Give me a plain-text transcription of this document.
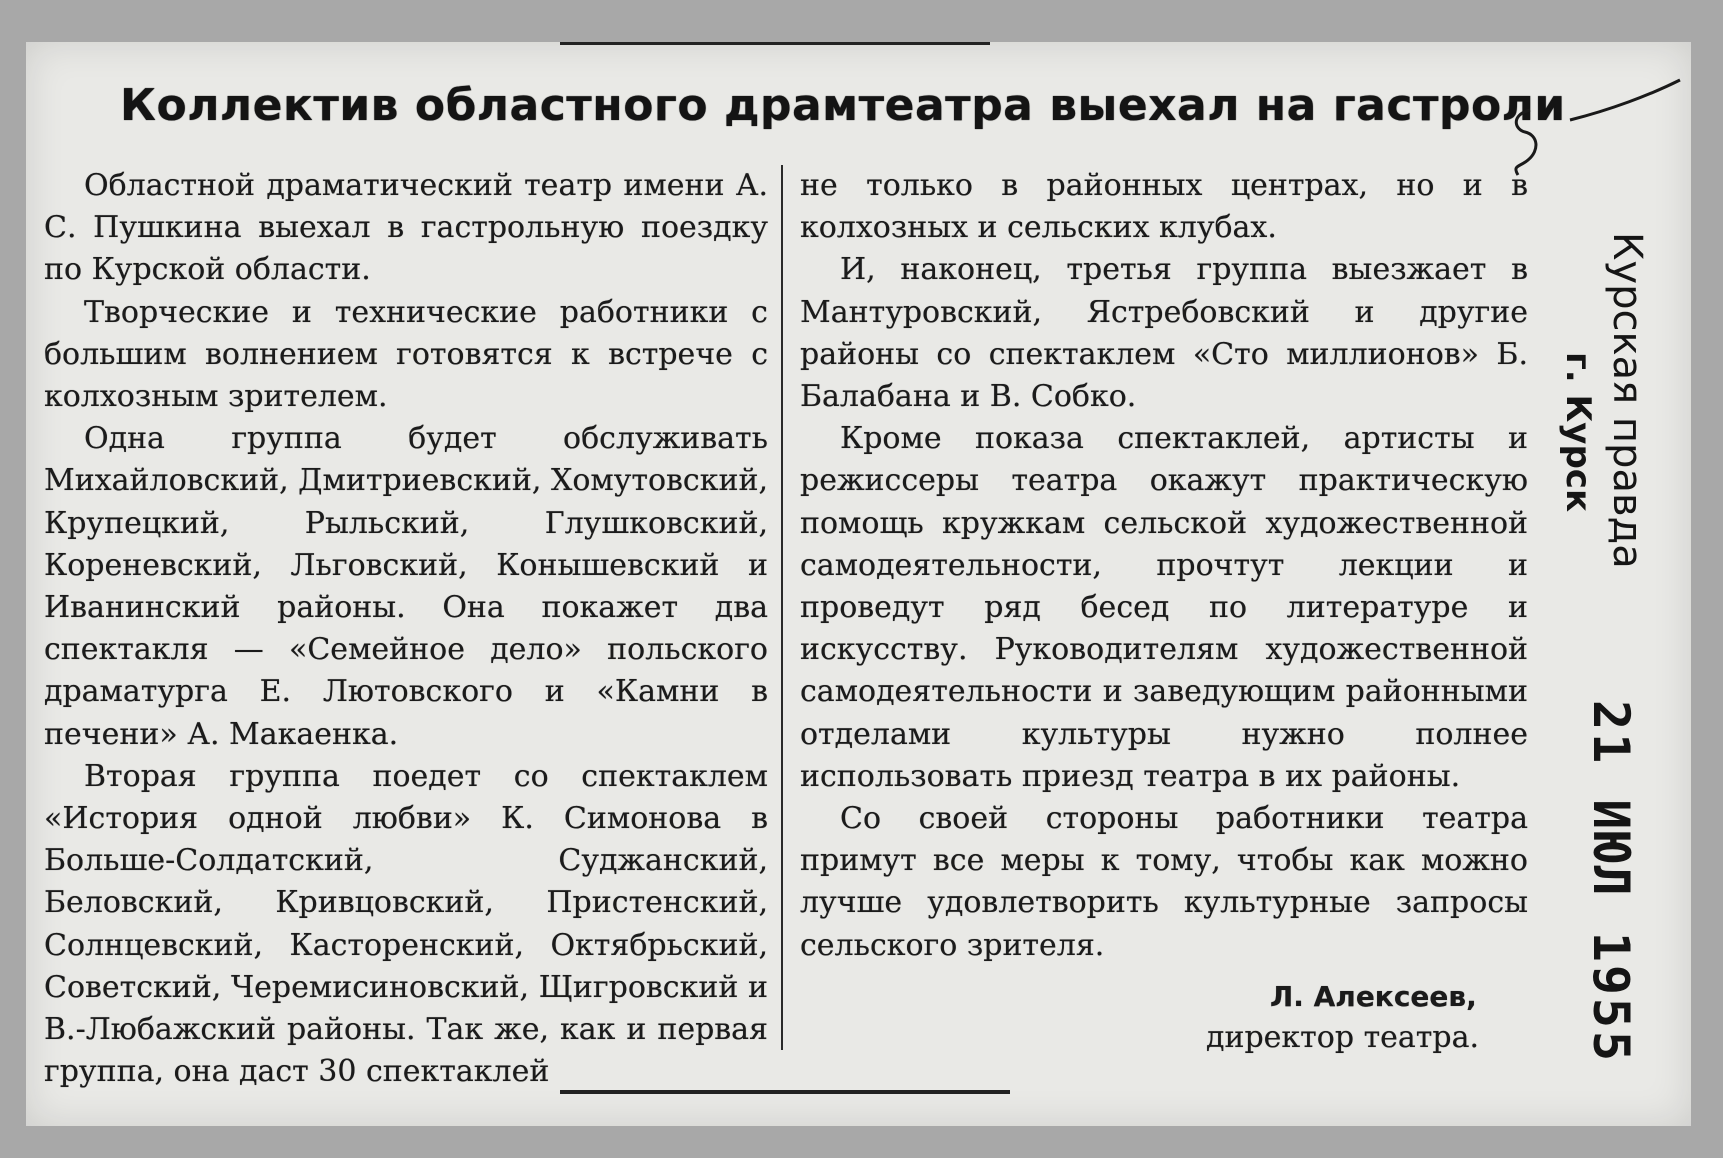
Коллектив областного драмтеатра выехал на гастроли

Областной драматический театр имени А. С. Пушкина выехал в гастрольную поездку по Курской области.

Творческие и технические работники с большим волнением готовятся к встрече с колхозным зрителем.

Одна группа будет обслуживать Михайловский, Дмитриевский, Хомутовский, Крупецкий, Рыльский, Глушковский, Кореневский, Льговский, Конышевский и Иванинский районы. Она покажет два спектакля — «Семейное дело» польского драматурга Е. Лютовского и «Камни в печени» А. Макаенка.

Вторая группа поедет со спектаклем «История одной любви» К. Симонова в Больше-Солдатский, Суджанский, Беловский, Кривцовский, Пристенский, Солнцевский, Касторенский, Октябрьский, Советский, Черемисиновский, Щигровский и В.-Любажский районы. Так же, как и первая группа, она даст 30 спектаклей

не только в районных центрах, но и в колхозных и сельских клубах.

И, наконец, третья группа выезжает в Мантуровский, Ястребовский и другие районы со спектаклем «Сто миллионов» Б. Балабана и В. Собко.

Кроме показа спектаклей, артисты и режиссеры театра окажут практическую помощь кружкам сельской художественной самодеятельности, прочтут лекции и проведут ряд бесед по литературе и искусству. Руководителям художественной самодеятельности и заведующим районными отделами культуры нужно полнее использовать приезд театра в их районы.

Со своей стороны работники театра примут все меры к тому, чтобы как можно лучше удовлетворить культурные запросы сельского зрителя.

Л. Алексеев,
директор театра.
Курская правда
г. Курск
21 ИЮЛ 1955
